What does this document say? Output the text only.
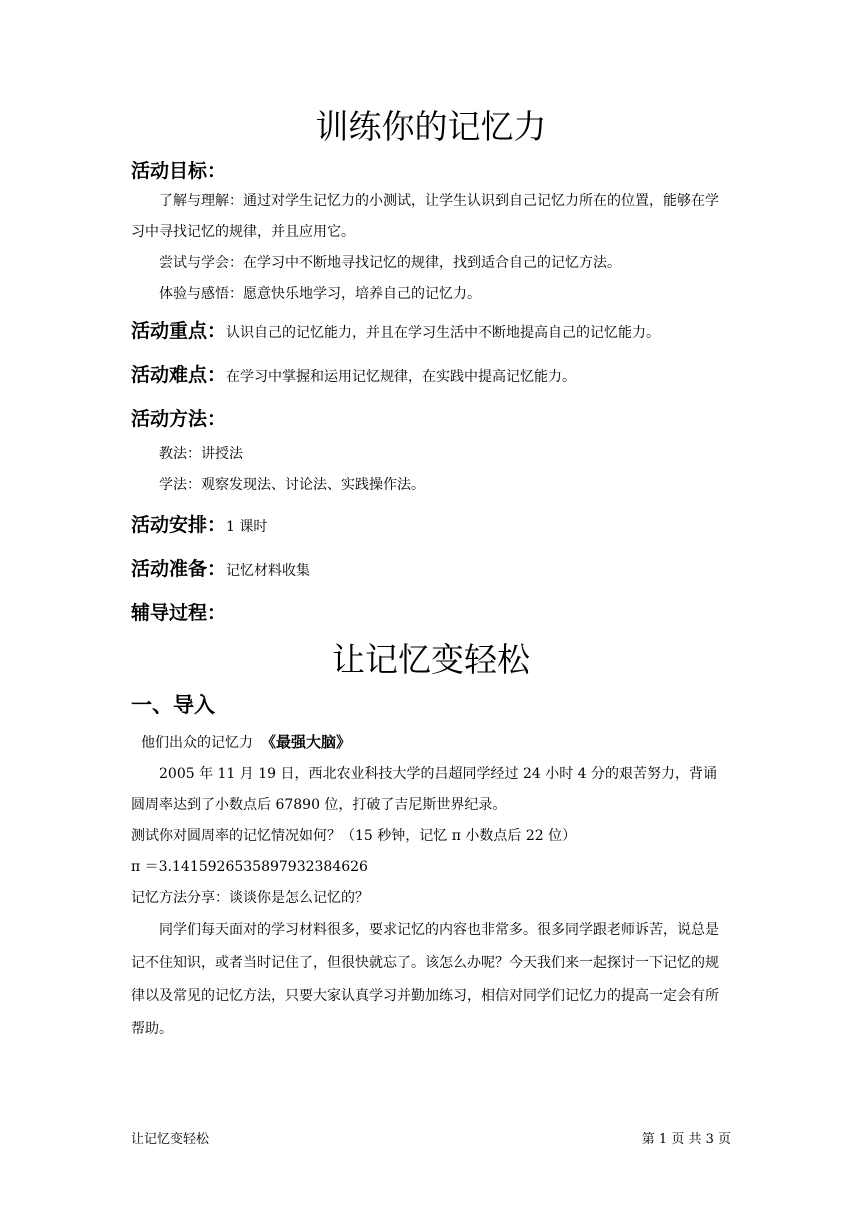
训练你的记忆力
活动目标：

了解与理解：通过对学生记忆力的小测试，让学生认识到自己记忆力所在的位置，能够在学习中寻找记忆的规律，并且应用它。

尝试与学会：在学习中不断地寻找记忆的规律，找到适合自己的记忆方法。

体验与感悟：愿意快乐地学习，培养自己的记忆力。

活动重点： 认识自己的记忆能力，并且在学习生活中不断地提高自己的记忆能力。
活动难点： 在学习中掌握和运用记忆规律，在实践中提高记忆能力。
活动方法：

教法：讲授法

学法：观察发现法、讨论法、实践操作法。

活动安排： 1 课时
活动准备： 记忆材料收集
辅导过程：
让记忆变轻松
一、导入

他们出众的记忆力 《最强大脑》

2005 年 11 月 19 日，西北农业科技大学的吕超同学经过 24 小时 4 分的艰苦努力，背诵圆周率达到了小数点后 67890 位，打破了吉尼斯世界纪录。

测试你对圆周率的记忆情况如何？（15 秒钟，记忆 π 小数点后 22 位）

π ＝3.1415926535897932384626

记忆方法分享：谈谈你是怎么记忆的？

同学们每天面对的学习材料很多，要求记忆的内容也非常多。很多同学跟老师诉苦，说总是记不住知识，或者当时记住了，但很快就忘了。该怎么办呢？今天我们来一起探讨一下记忆的规律以及常见的记忆方法，只要大家认真学习并勤加练习，相信对同学们记忆力的提高一定会有所帮助。

让记忆变轻松	第 1 页 共 3 页
